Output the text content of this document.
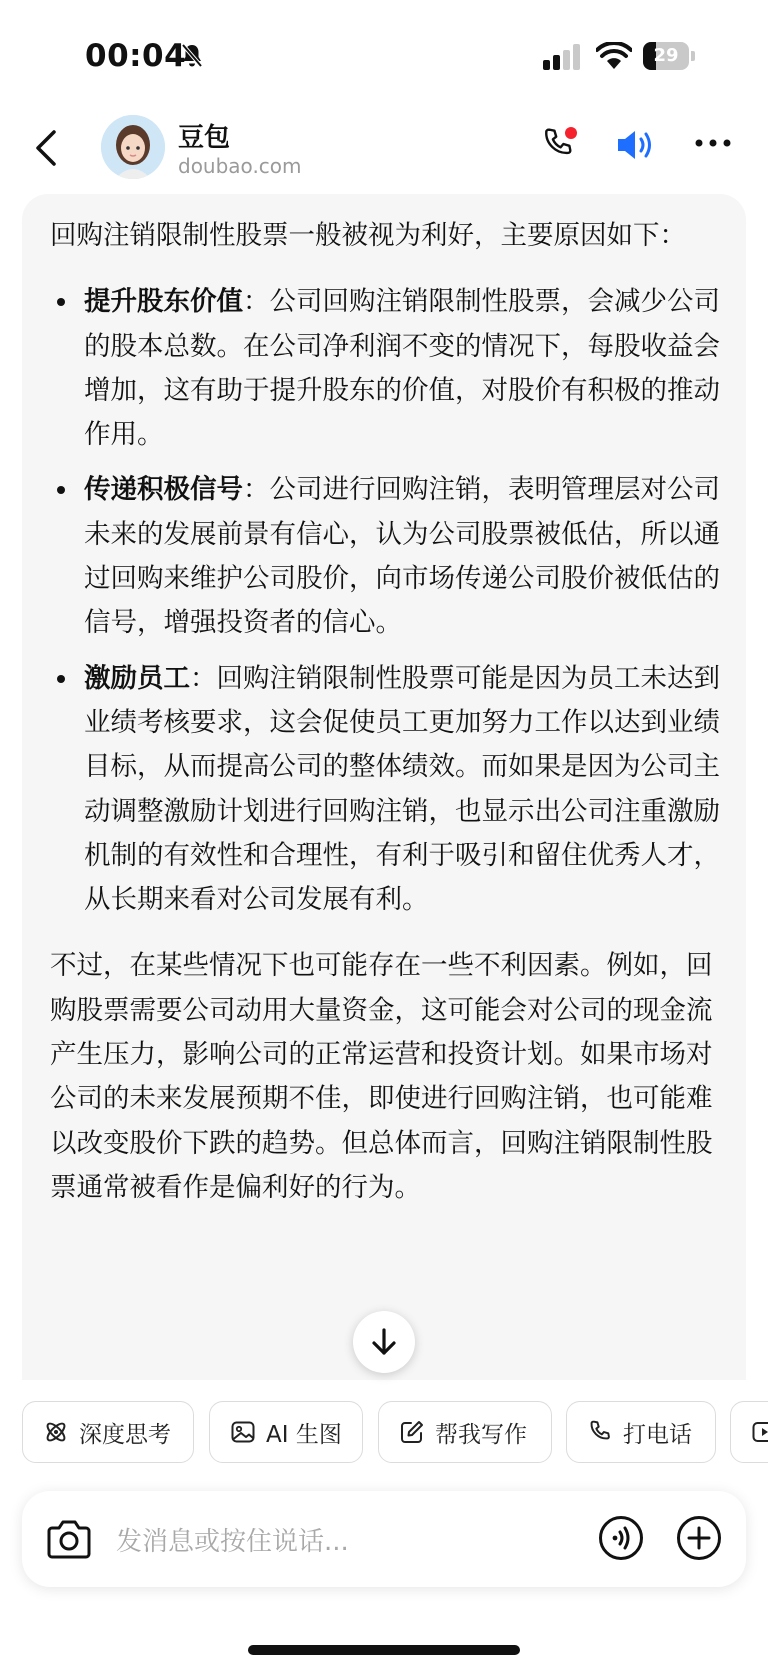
00:04	29
豆包
doubao.com

回购注销限制性股票一般被视为利好，主要原因如下：

提升股东价值：公司回购注销限制性股票，会减少公司的股本总数。在公司净利润不变的情况下，每股收益会增加，这有助于提升股东的价值，对股价有积极的推动作用。
传递积极信号：公司进行回购注销，表明管理层对公司未来的发展前景有信心，认为公司股票被低估，所以通过回购来维护公司股价，向市场传递公司股价被低估的信号，增强投资者的信心。
激励员工：回购注销限制性股票可能是因为员工未达到业绩考核要求，这会促使员工更加努力工作以达到业绩目标，从而提高公司的整体绩效。而如果是因为公司主动调整激励计划进行回购注销，也显示出公司注重激励机制的有效性和合理性，有利于吸引和留住优秀人才，从长期来看对公司发展有利。

不过，在某些情况下也可能存在一些不利因素。例如，回购股票需要公司动用大量资金，这可能会对公司的现金流产生压力，影响公司的正常运营和投资计划。如果市场对公司的未来发展预期不佳，即使进行回购注销，也可能难以改变股价下跌的趋势。但总体而言，回购注销限制性股票通常被看作是偏利好的行为。

深度思考	AI 生图	帮我写作	打电话
发消息或按住说话...
